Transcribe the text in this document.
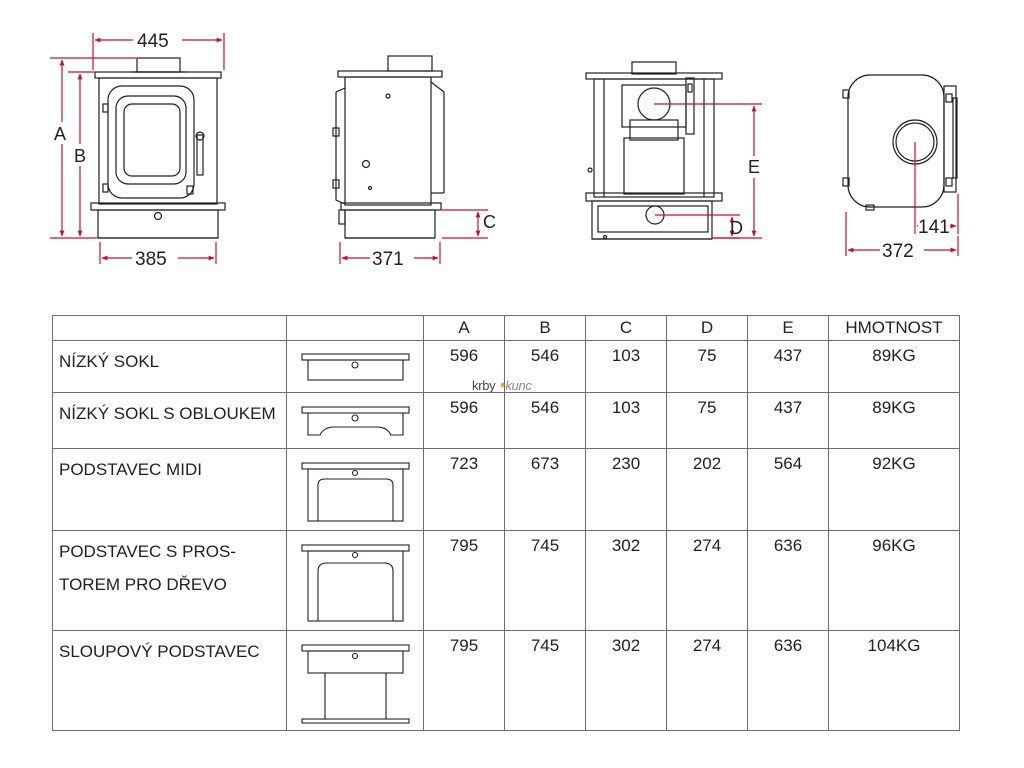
445
385
A
B
371
C
E
D	141
372
		A	B	C	D	E	HMOTNOST
NÍZKÝ SOKL		596	546	103	75	437	89KG
NÍZKÝ SOKL S OBLOUKEM		596	546	103	75	437	89KG
PODSTAVEC MIDI		723	673	230	202	564	92KG
PODSTAVEC S PROS-
TOREM PRO DŘEVO		795	745	302	274	636	96KG
SLOUPOVÝ PODSTAVEC		795	745	302	274	636	104KG
krby kunc
